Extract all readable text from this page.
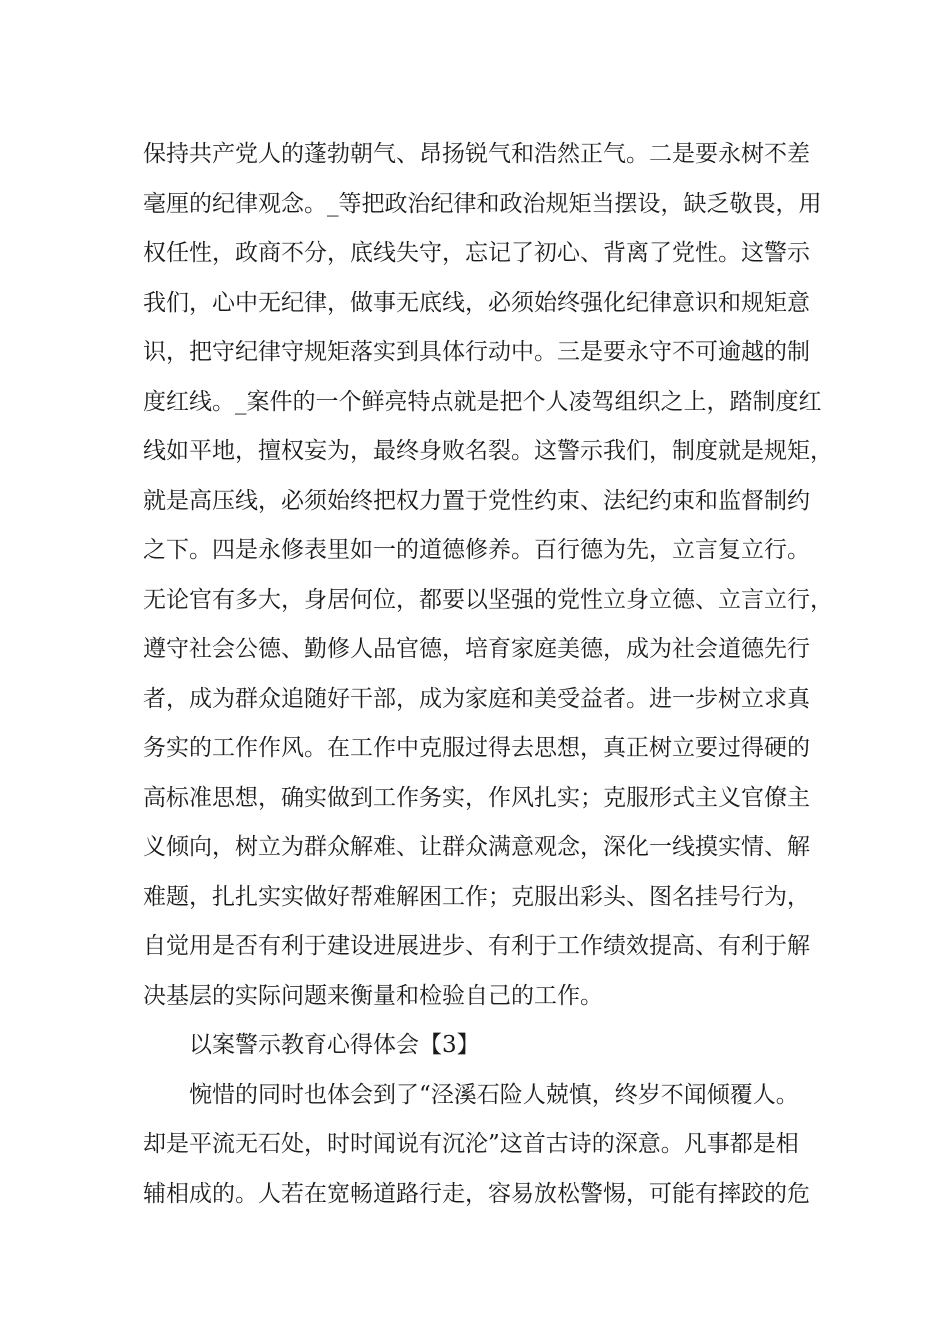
保持共产党人的蓬勃朝气、昂扬锐气和浩然正气。二是要永树不差
毫厘的纪律观念。_等把政治纪律和政治规矩当摆设，缺乏敬畏，用
权任性，政商不分，底线失守，忘记了初心、背离了党性。这警示
我们，心中无纪律，做事无底线，必须始终强化纪律意识和规矩意
识，把守纪律守规矩落实到具体行动中。三是要永守不可逾越的制
度红线。_案件的一个鲜亮特点就是把个人凌驾组织之上，踏制度红
线如平地，擅权妄为，最终身败名裂。这警示我们，制度就是规矩，
就是高压线，必须始终把权力置于党性约束、法纪约束和监督制约
之下。四是永修表里如一的道德修养。百行德为先，立言复立行。
无论官有多大，身居何位，都要以坚强的党性立身立德、立言立行，
遵守社会公德、勤修人品官德，培育家庭美德，成为社会道德先行
者，成为群众追随好干部，成为家庭和美受益者。进一步树立求真
务实的工作作风。在工作中克服过得去思想，真正树立要过得硬的
高标准思想，确实做到工作务实，作风扎实；克服形式主义官僚主
义倾向，树立为群众解难、让群众满意观念，深化一线摸实情、解
难题，扎扎实实做好帮难解困工作；克服出彩头、图名挂号行为，
自觉用是否有利于建设进展进步、有利于工作绩效提高、有利于解
决基层的实际问题来衡量和检验自己的工作。
以案警示教育心得体会【3】
惋惜的同时也体会到了“泾溪石险人兢慎，终岁不闻倾覆人。
却是平流无石处，时时闻说有沉沦”这首古诗的深意。凡事都是相
辅相成的。人若在宽畅道路行走，容易放松警惕，可能有摔跤的危
